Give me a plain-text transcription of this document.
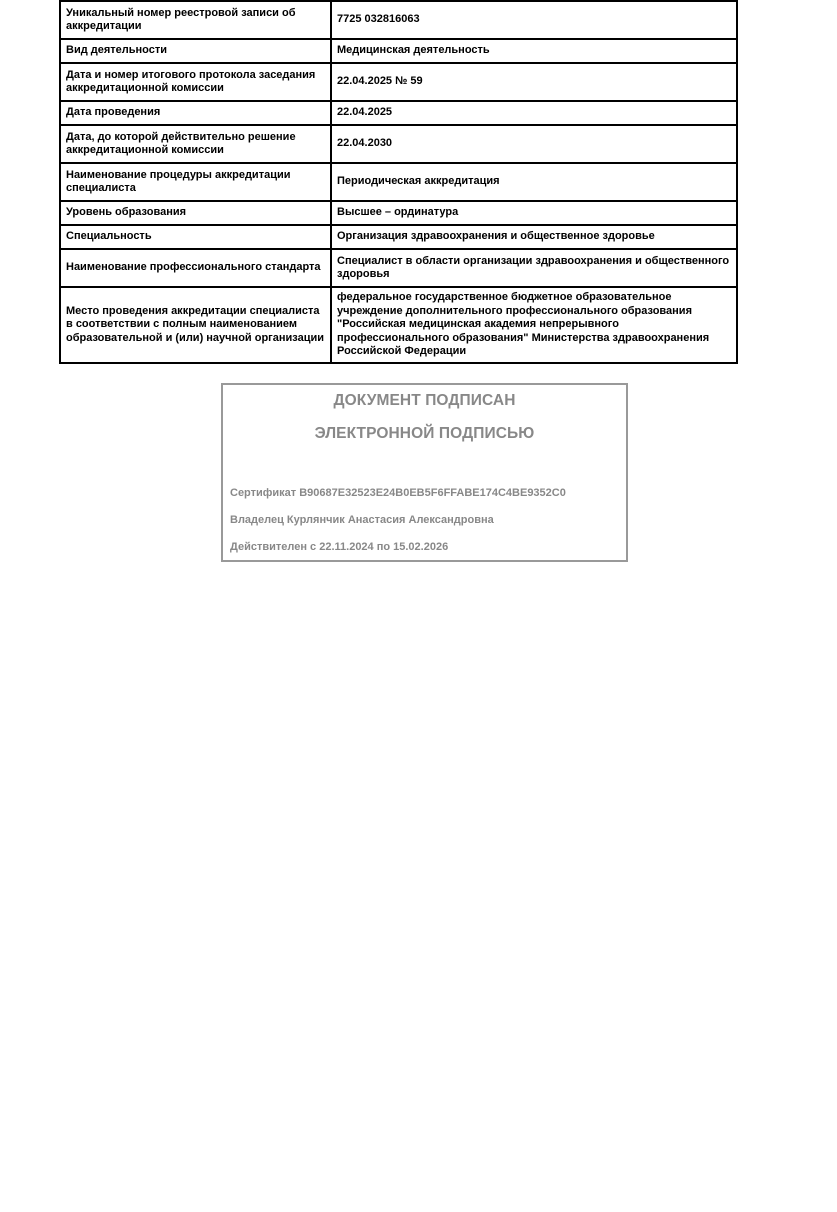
Уникальный номер реестровой записи об аккредитации	7725 032816063
Вид деятельности	Медицинская деятельность
Дата и номер итогового протокола заседания аккредитационной комиссии	22.04.2025 № 59
Дата проведения	22.04.2025
Дата, до которой действительно решение аккредитационной комиссии	22.04.2030
Наименование процедуры аккредитации специалиста	Периодическая аккредитация
Уровень образования	Высшее – ординатура
Специальность	Организация здравоохранения и общественное здоровье
Наименование профессионального стандарта	Специалист в области организации здравоохранения и общественного здоровья
Место проведения аккредитации специалиста в соответствии с полным наименованием образовательной и (или) научной организации	федеральное государственное бюджетное образовательное учреждение дополнительного профессионального образования "Российская медицинская академия непрерывного профессионального образования" Министерства здравоохранения Российской Федерации
ДОКУМЕНТ ПОДПИСАН
ЭЛЕКТРОННОЙ ПОДПИСЬЮ
Сертификат B90687E32523E24B0EB5F6FFABE174C4BE9352C0
Владелец Курлянчик Анастасия Александровна
Действителен с 22.11.2024 по 15.02.2026
